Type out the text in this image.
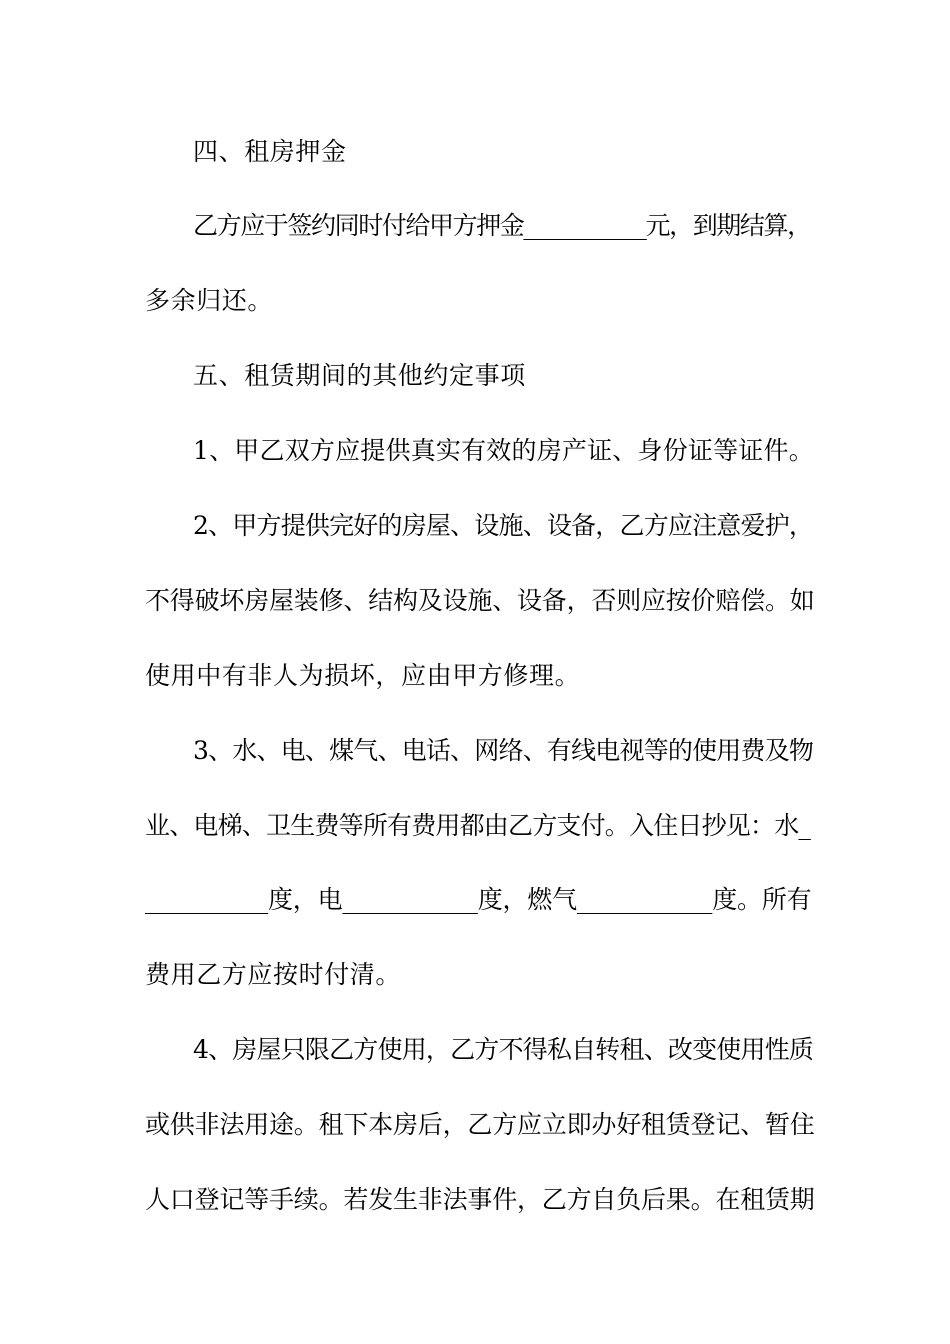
四、租房押金
乙方应于签约同时付给甲方押金___________元，到期结算，
多余归还。
五、租赁期间的其他约定事项
1、甲乙双方应提供真实有效的房产证、身份证等证件。
2、甲方提供完好的房屋、设施、设备，乙方应注意爱护，
不得破坏房屋装修、结构及设施、设备，否则应按价赔偿。如
使用中有非人为损坏，应由甲方修理。
3、水、电、煤气、电话、网络、有线电视等的使用费及物
业、电梯、卫生费等所有费用都由乙方支付。入住日抄见：水_
__________度，电___________度，燃气___________度。所有
费用乙方应按时付清。
4、房屋只限乙方使用，乙方不得私自转租、改变使用性质
或供非法用途。租下本房后，乙方应立即办好租赁登记、暂住
人口登记等手续。若发生非法事件，乙方自负后果。在租赁期
